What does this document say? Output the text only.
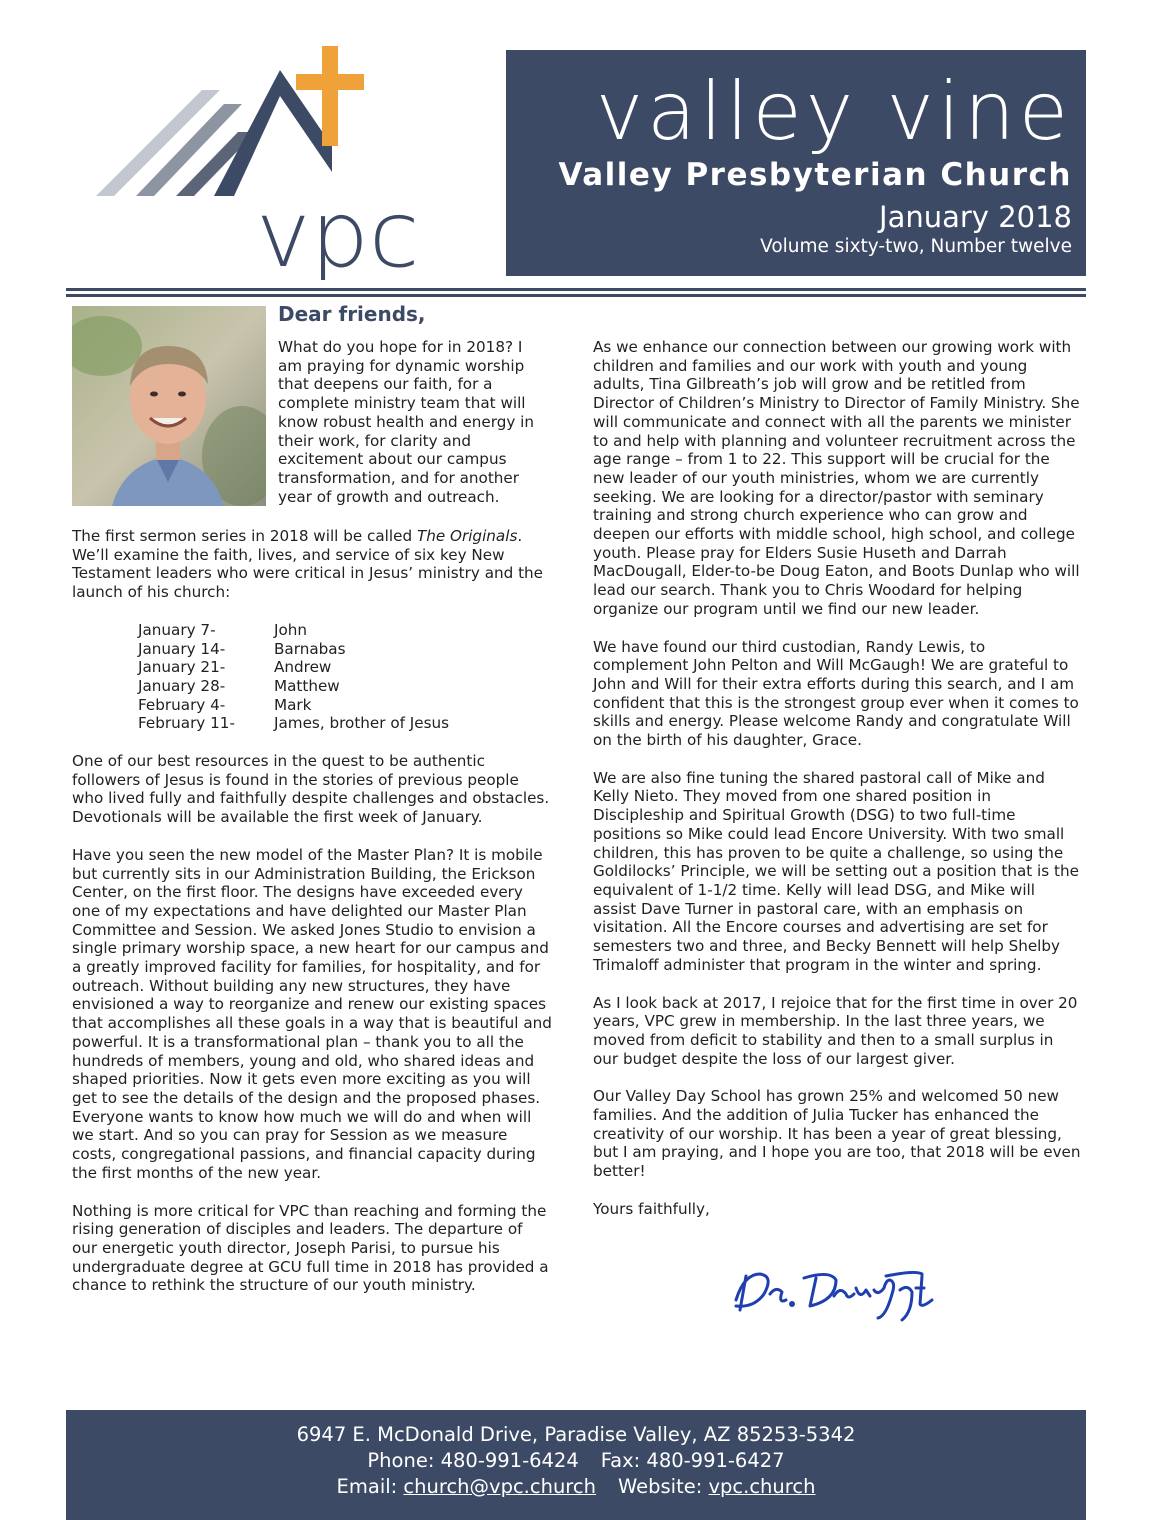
vpc
valley vine
Valley Presbyterian Church
January 2018
Volume sixty-two, Number twelve
Dear friends,

What do you hope for in 2018? I am praying for dynamic worship that deepens our faith, for a complete ministry team that will know robust health and energy in their work, for clarity and excitement about our campus transformation, and for another year of growth and outreach.

The first sermon series in 2018 will be called The Originals. We’ll examine the faith, lives, and service of six key New Testament leaders who were critical in Jesus’ ministry and the launch of his church:

January 7-	John
January 14-	Barnabas
January 21-	Andrew
January 28-	Matthew
February 4-	Mark
February 11-	James, brother of Jesus

One of our best resources in the quest to be authentic followers of Jesus is found in the stories of previous people who lived fully and faithfully despite challenges and obstacles. Devotionals will be available the first week of January.

Have you seen the new model of the Master Plan? It is mobile but currently sits in our Administration Building, the Erickson Center, on the first floor. The designs have exceeded every one of my expectations and have delighted our Master Plan Committee and Session. We asked Jones Studio to envision a single primary worship space, a new heart for our campus and a greatly improved facility for families, for hospitality, and for outreach. Without building any new structures, they have envisioned a way to reorganize and renew our existing spaces that accomplishes all these goals in a way that is beautiful and powerful. It is a transformational plan – thank you to all the hundreds of members, young and old, who shared ideas and shaped priorities. Now it gets even more exciting as you will get to see the details of the design and the proposed phases. Everyone wants to know how much we will do and when will we start. And so you can pray for Session as we measure costs, congregational passions, and financial capacity during the first months of the new year.

Nothing is more critical for VPC than reaching and forming the rising generation of disciples and leaders. The departure of our energetic youth director, Joseph Parisi, to pursue his undergraduate degree at GCU full time in 2018 has provided a chance to rethink the structure of our youth ministry.

As we enhance our connection between our growing work with children and families and our work with youth and young adults, Tina Gilbreath’s job will grow and be retitled from Director of Children’s Ministry to Director of Family Ministry. She will communicate and connect with all the parents we minister to and help with planning and volunteer recruitment across the age range – from 1 to 22. This support will be crucial for the new leader of our youth ministries, whom we are currently seeking. We are looking for a director/pastor with seminary training and strong church experience who can grow and deepen our efforts with middle school, high school, and college youth. Please pray for Elders Susie Huseth and Darrah MacDougall, Elder-to-be Doug Eaton, and Boots Dunlap who will lead our search. Thank you to Chris Woodard for helping organize our program until we find our new leader.

We have found our third custodian, Randy Lewis, to complement John Pelton and Will McGaugh! We are grateful to John and Will for their extra efforts during this search, and I am confident that this is the strongest group ever when it comes to skills and energy. Please welcome Randy and congratulate Will on the birth of his daughter, Grace.

We are also fine tuning the shared pastoral call of Mike and Kelly Nieto. They moved from one shared position in Discipleship and Spiritual Growth (DSG) to two full-time positions so Mike could lead Encore University. With two small children, this has proven to be quite a challenge, so using the Goldilocks’ Principle, we will be setting out a position that is the equivalent of 1-1/2 time. Kelly will lead DSG, and Mike will assist Dave Turner in pastoral care, with an emphasis on visitation. All the Encore courses and advertising are set for semesters two and three, and Becky Bennett will help Shelby Trimaloff administer that program in the winter and spring.

As I look back at 2017, I rejoice that for the first time in over 20 years, VPC grew in membership. In the last three years, we moved from deficit to stability and then to a small surplus in our budget despite the loss of our largest giver.

Our Valley Day School has grown 25% and welcomed 50 new families. And the addition of Julia Tucker has enhanced the creativity of our worship. It has been a year of great blessing, but I am praying, and I hope you are too, that 2018 will be even better!

Yours faithfully,

6947 E. McDonald Drive, Paradise Valley, AZ 85253-5342
Phone: 480-991-6424 Fax: 480-991-6427
Email: church@vpc.church Website: vpc.church
